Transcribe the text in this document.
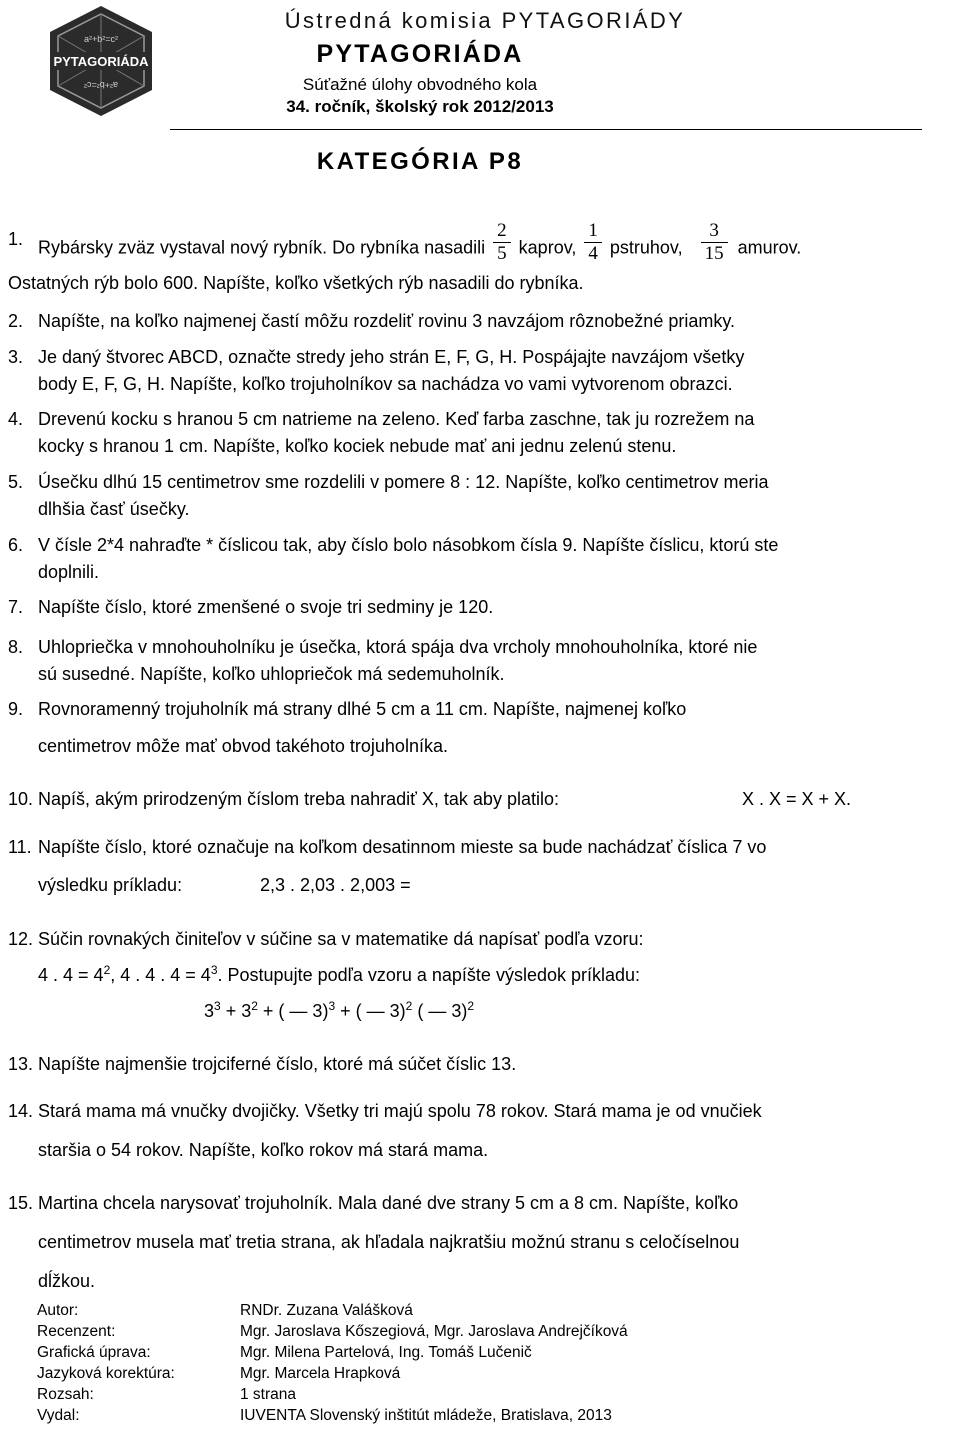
a²+b²=c²
PYTAGORIÁDA
a²+b²=c²
Ústredná komisia PYTAGORIÁDY
PYTAGORIÁDA
Súťažné úlohy obvodného kola
34. ročník, školský rok 2012/2013
KATEGÓRIA P8
1. Rybársky zväz vystaval nový rybník. Do rybníka nasadili $\frac{2}{5}$ kaprov, $\frac{1}{4}$ pstruhov, $\frac{3}{15}$ amurov.
Ostatných rýb bolo 600. Napíšte, koľko všetkých rýb nasadili do rybníka.
2. Napíšte, na koľko najmenej častí môžu rozdeliť rovinu 3 navzájom rôznobežné priamky.
3. Je daný štvorec ABCD, označte stredy jeho strán E, F, G, H. Pospájajte navzájom všetky
body E, F, G, H. Napíšte, koľko trojuholníkov sa nachádza vo vami vytvorenom obrazci.
4. Drevenú kocku s hranou 5 cm natrieme na zeleno. Keď farba zaschne, tak ju rozrežem na
kocky s hranou 1 cm. Napíšte, koľko kociek nebude mať ani jednu zelenú stenu.
5. Úsečku dlhú 15 centimetrov sme rozdelili v pomere 8 : 12. Napíšte, koľko centimetrov meria
dlhšia časť úsečky.
6. V čísle 2*4 nahraďte * číslicou tak, aby číslo bolo násobkom čísla 9. Napíšte číslicu, ktorú ste
doplnili.
7. Napíšte číslo, ktoré zmenšené o svoje tri sedminy je 120.
8. Uhlopriečka v mnohouholníku je úsečka, ktorá spája dva vrcholy mnohouholníka, ktoré nie
sú susedné. Napíšte, koľko uhlopriečok má sedemuholník.
9. Rovnoramenný trojuholník má strany dlhé 5 cm a 11 cm. Napíšte, najmenej koľko
centimetrov môže mať obvod takéhoto trojuholníka.
10. Napíš, akým prirodzeným číslom treba nahradiť X, tak aby platilo:	X . X = X + X.
11. Napíšte číslo, ktoré označuje na koľkom desatinnom mieste sa bude nachádzať číslica 7 vo
výsledku príkladu:	2,3 . 2,03 . 2,003 =
12. Súčin rovnakých činiteľov v súčine sa v matematike dá napísať podľa vzoru:
4 . $4 = 4^2$, 4 . 4 . $4 = 4^3$. Postupujte podľa vzoru a napíšte výsledok príkladu:
$3^3 + 3^2$ + ( — 3)$^3$ + ( — 3)$^2$ ( — 3)$^2$
13. Napíšte najmenšie trojciferné číslo, ktoré má súčet číslic 13.
14. Stará mama má vnučky dvojičky. Všetky tri majú spolu 78 rokov. Stará mama je od vnučiek
staršia o 54 rokov. Napíšte, koľko rokov má stará mama.
15. Martina chcela narysovať trojuholník. Mala dané dve strany 5 cm a 8 cm. Napíšte, koľko
centimetrov musela mať tretia strana, ak hľadala najkratšiu možnú stranu s celočíselnou
dĺžkou.
Autor:	RNDr. Zuzana Valášková
Recenzent:	Mgr. Jaroslava Kőszegiová, Mgr. Jaroslava Andrejčíková
Grafická úprava:	Mgr. Milena Partelová, Ing. Tomáš Lučenič
Jazyková korektúra:	Mgr. Marcela Hrapková
Rozsah:	1 strana
Vydal:	IUVENTA Slovenský inštitút mládeže, Bratislava, 2013
